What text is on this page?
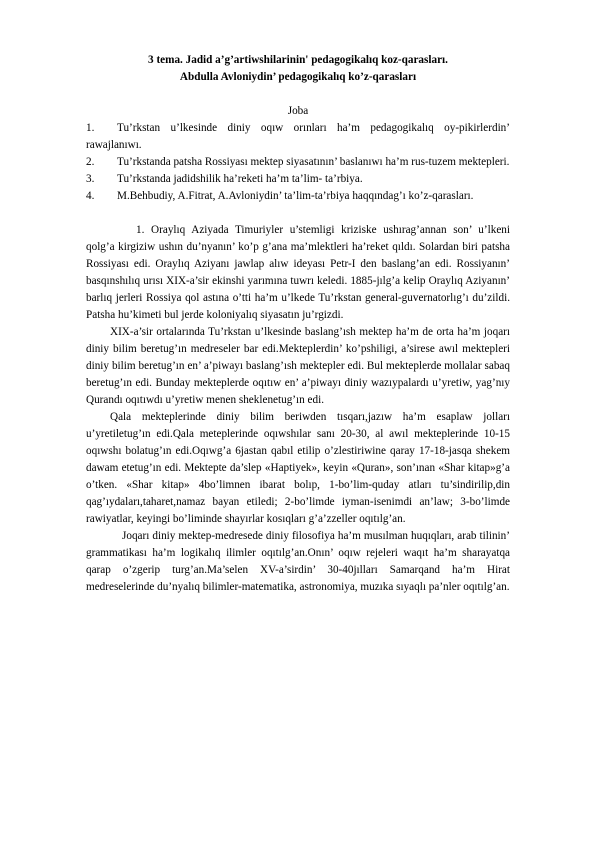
3 tema. Jadid a’g’artiwshilarinin' pedagogikalıq koz-qarasları.
Abdulla Avloniydin’ pedagogikalıq ko’z-qarasları

Joba
1. Tu’rkstan u’lkesinde diniy oqıw orınları ha’m pedagogikalıq oy-pikirlerdin’ rawajlanıwı.
2. Tu’rkstanda patsha Rossiyası mektep siyasatının’ baslanıwı ha’m rus-tuzem mektepleri.
3. Tu’rkstanda jadidshilik ha’reketi ha’m ta’lim- ta’rbiya.
4. M.Behbudiy, A.Fitrat, A.Avloniydin’ ta’lim-ta’rbiya haqqındag’ı ko’z-qarasları.

1. Oraylıq Aziyada Timuriyler u’stemligi kriziske ushırag’annan son’ u’lkeni qolg’a kirgiziw ushın du’nyanın’ ko’p g’ana ma’mlektleri ha’reket qıldı. Solardan biri patsha Rossiyası edi. Oraylıq Aziyanı jawlap alıw ideyası Petr-I den baslang’an edi. Rossiyanın’ basqınshılıq urısı XIX-a’sir ekinshi yarımına tuwrı keledi. 1885-jılg’a kelip Oraylıq Aziyanın’ barlıq jerleri Rossiya qol astına o’tti ha’m u’lkede Tu’rkstan general-guvernatorlıg’ı du’zildi. Patsha hu’kimeti bul jerde koloniyalıq siyasatın ju’rgizdi.

XIX-a’sir ortalarında Tu’rkstan u’lkesinde baslang’ısh mektep ha’m de orta ha’m joqarı diniy bilim beretug’ın medreseler bar edi.Mekteplerdin’ ko’pshiligi, a’sirese awıl mektepleri diniy bilim beretug’ın en’ a’piwayı baslang’ısh mektepler edi. Bul mekteplerde mollalar sabaq beretug’ın edi. Bunday mekteplerde oqıtıw en’ a’piwayı diniy wazıypalardı u’yretiw, yag’nıy Qurandı oqıtıwdı u’yretiw menen sheklenetug’ın edi.

Qala mekteplerinde diniy bilim beriwden tısqarı,jazıw ha’m esaplaw jolları u’yretiletug’ın edi.Qala meteplerinde oqıwshılar sanı 20-30, al awıl mekteplerinde 10-15 oqıwshı bolatug’ın edi.Oqıwg’a 6jastan qabıl etilip o’zlestiriwine qaray 17-18-jasqa shekem dawam etetug’ın edi. Mektepte da’slep «Haptiyek», keyin «Quran», son’ınan «Shar kitap»g’a o’tken. «Shar kitap» 4bo’limnen ibarat bolıp, 1-bo’lim-quday atları tu’sindirilip,din qag’ıydaları,taharet,namaz bayan etiledi; 2-bo’limde iyman-isenimdi an’law; 3-bo’limde rawiyatlar, keyingi bo’liminde shayırlar kosıqları g’a’zzeller oqıtılg’an.

Joqarı diniy mektep-medresede diniy filosofiya ha’m musılman huqıqları, arab tilinin’ grammatikası ha’m logikalıq ilimler oqıtılg’an.Onın’ oqıw rejeleri waqıt ha’m sharayatqa qarap o’zgerip turg’an.Ma’selen XV-a’sirdin’ 30-40jılları Samarqand ha’m Hirat medreselerinde du’nyalıq bilimler-matematika, astronomiya, muzıka sıyaqlı pa’nler oqıtılg’an.
